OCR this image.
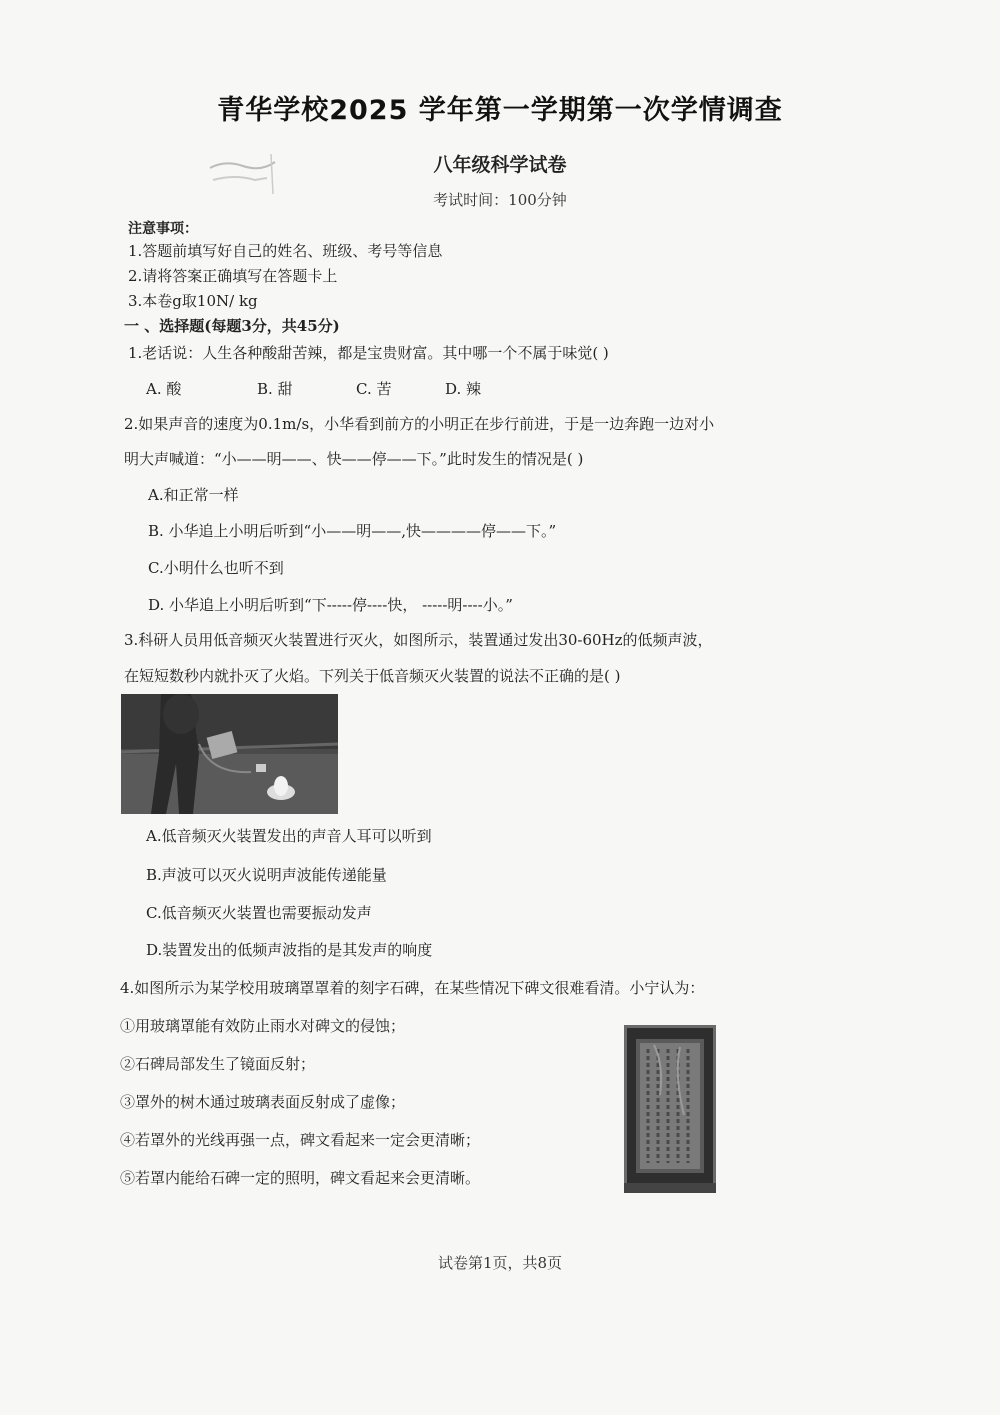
青华学校2025 学年第一学期第一次学情调查
八年级科学试卷
考试时间：100分钟
注意事项：
1.答题前填写好自己的姓名、班级、考号等信息
2.请将答案正确填写在答题卡上
3.本卷g取10N/ kg
一 、选择题(每题3分，共45分)
1.老话说：人生各种酸甜苦辣，都是宝贵财富。其中哪一个不属于味觉( )
A. 酸	B. 甜	C. 苦	D. 辣
2.如果声音的速度为0.1m/s，小华看到前方的小明正在步行前进，于是一边奔跑一边对小
明大声喊道：“小——明——、快——停——下。”此时发生的情况是( )
A.和正常一样
B. 小华追上小明后听到“小——明——,快————停——下。”
C.小明什么也听不到
D. 小华追上小明后听到“下-----停----快， -----明----小。”
3.科研人员用低音频灭火装置进行灭火，如图所示，装置通过发出30-60Hz的低频声波，
在短短数秒内就扑灭了火焰。下列关于低音频灭火装置的说法不正确的是( )
A.低音频灭火装置发出的声音人耳可以听到
B.声波可以灭火说明声波能传递能量
C.低音频灭火装置也需要振动发声
D.装置发出的低频声波指的是其发声的响度
4.如图所示为某学校用玻璃罩罩着的刻字石碑，在某些情况下碑文很难看清。小宁认为：
①用玻璃罩能有效防止雨水对碑文的侵蚀；
②石碑局部发生了镜面反射；
③罩外的树木通过玻璃表面反射成了虚像；
④若罩外的光线再强一点，碑文看起来一定会更清晰；
⑤若罩内能给石碑一定的照明，碑文看起来会更清晰。
试卷第1页，共8页
